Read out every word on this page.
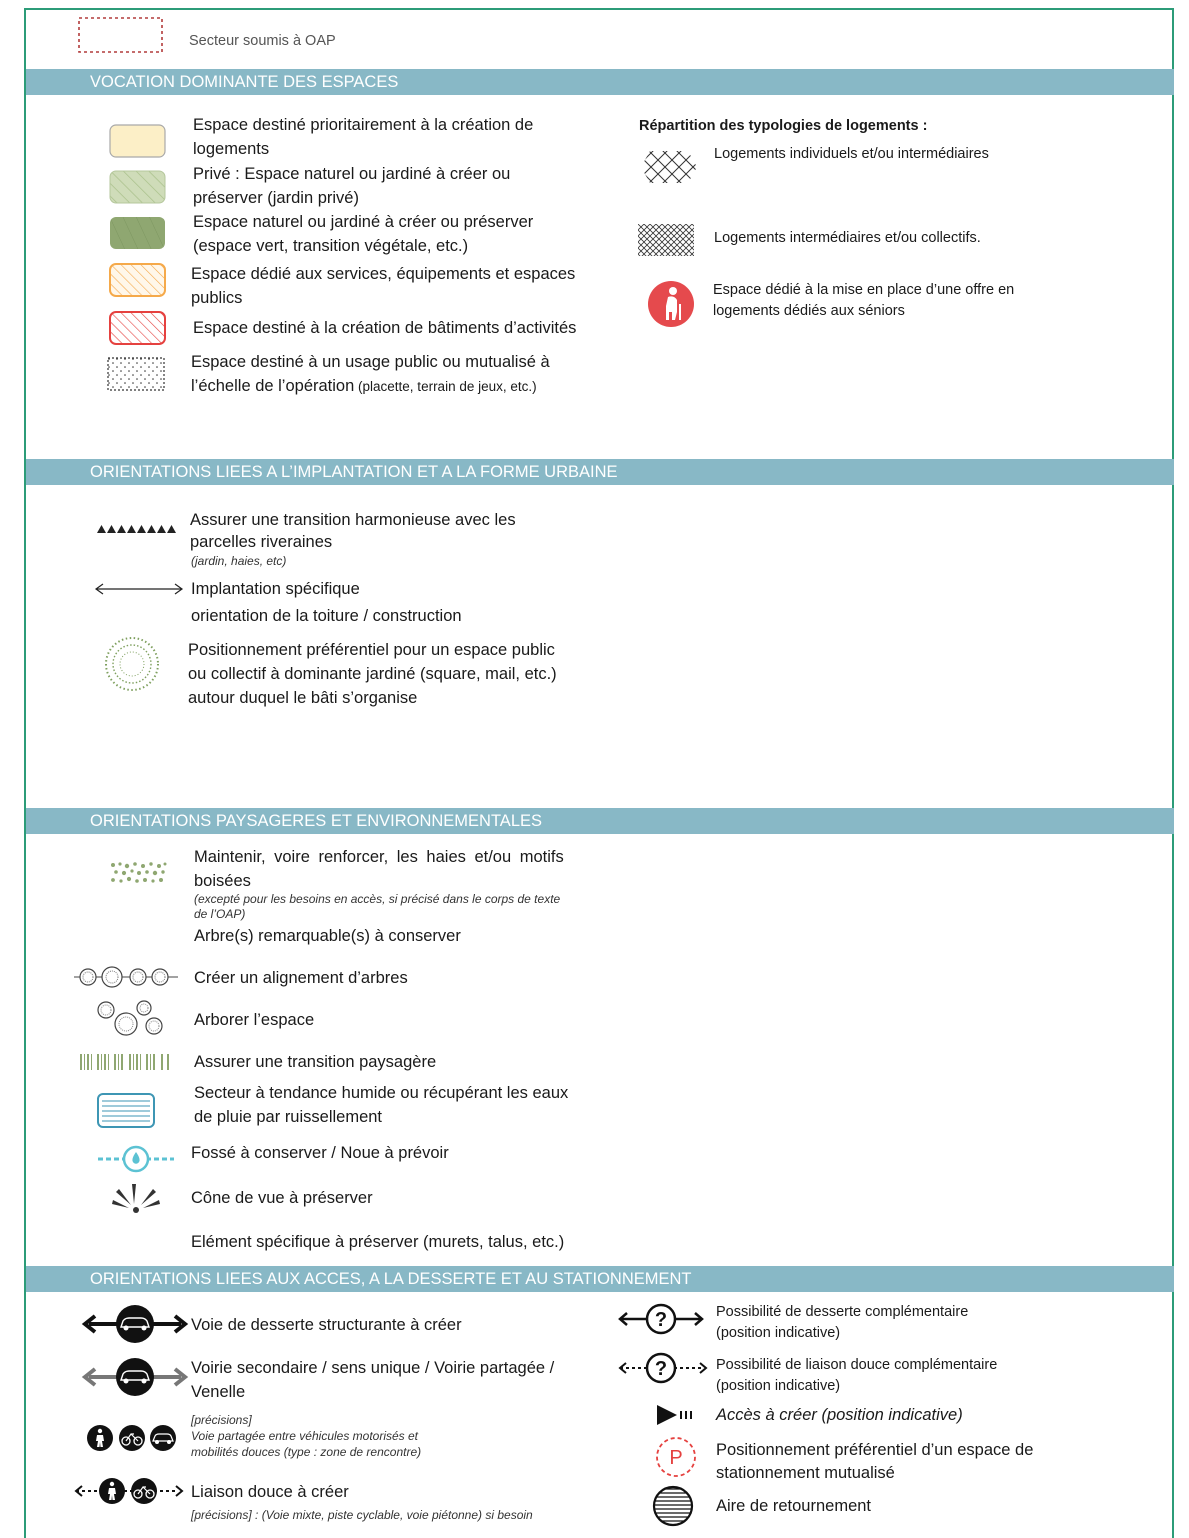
Secteur soumis à OAP
VOCATION DOMINANTE DES ESPACES
Espace destiné prioritairement à la création de
logements
Privé : Espace naturel ou jardiné à créer ou
préserver (jardin privé)
Espace naturel ou jardiné à créer ou préserver
(espace vert, transition végétale, etc.)
Espace dédié aux services, équipements et espaces
publics
Espace destiné à la création de bâtiments d’activités
Espace destiné à un usage public ou mutualisé à
l’échelle de l’opération (placette, terrain de jeux, etc.)
Répartition des typologies de logements :
Logements individuels et/ou intermédiaires
Logements intermédiaires et/ou collectifs.
Espace dédié à la mise en place d’une offre en
logements dédiés aux séniors
ORIENTATIONS LIEES A L’IMPLANTATION ET A LA FORME URBAINE
Assurer une transition harmonieuse avec les
parcelles riveraines
(jardin, haies, etc)
Implantation spécifique
orientation de la toiture / construction
Positionnement préférentiel pour un espace public
ou collectif à dominante jardiné (square, mail, etc.)
autour duquel le bâti s’organise
ORIENTATIONS PAYSAGERES ET ENVIRONNEMENTALES
Maintenir, voire renforcer, les haies et/ou motifs
boisées
(excepté pour les besoins en accès, si précisé dans le corps de texte
de l’OAP)
Arbre(s) remarquable(s) à conserver
Créer un alignement d’arbres
Arborer l’espace
Assurer une transition paysagère
Secteur à tendance humide ou récupérant les eaux
de pluie par ruissellement
Fossé à conserver / Noue à prévoir
Cône de vue à préserver
Elément spécifique à préserver (murets, talus, etc.)
ORIENTATIONS LIEES AUX ACCES, A LA DESSERTE ET AU STATIONNEMENT
Voie de desserte structurante à créer
Voirie secondaire / sens unique / Voirie partagée /
Venelle
[précisions]
Voie partagée entre véhicules motorisés et
mobilités douces (type : zone de rencontre)
Liaison douce à créer
[précisions] : (Voie mixte, piste cyclable, voie piétonne) si besoin
?	Possibilité de desserte complémentaire
(position indicative)
?	Possibilité de liaison douce complémentaire
(position indicative)
Accès à créer (position indicative)
P Positionnement préférentiel d’un espace de
stationnement mutualisé
Aire de retournement
